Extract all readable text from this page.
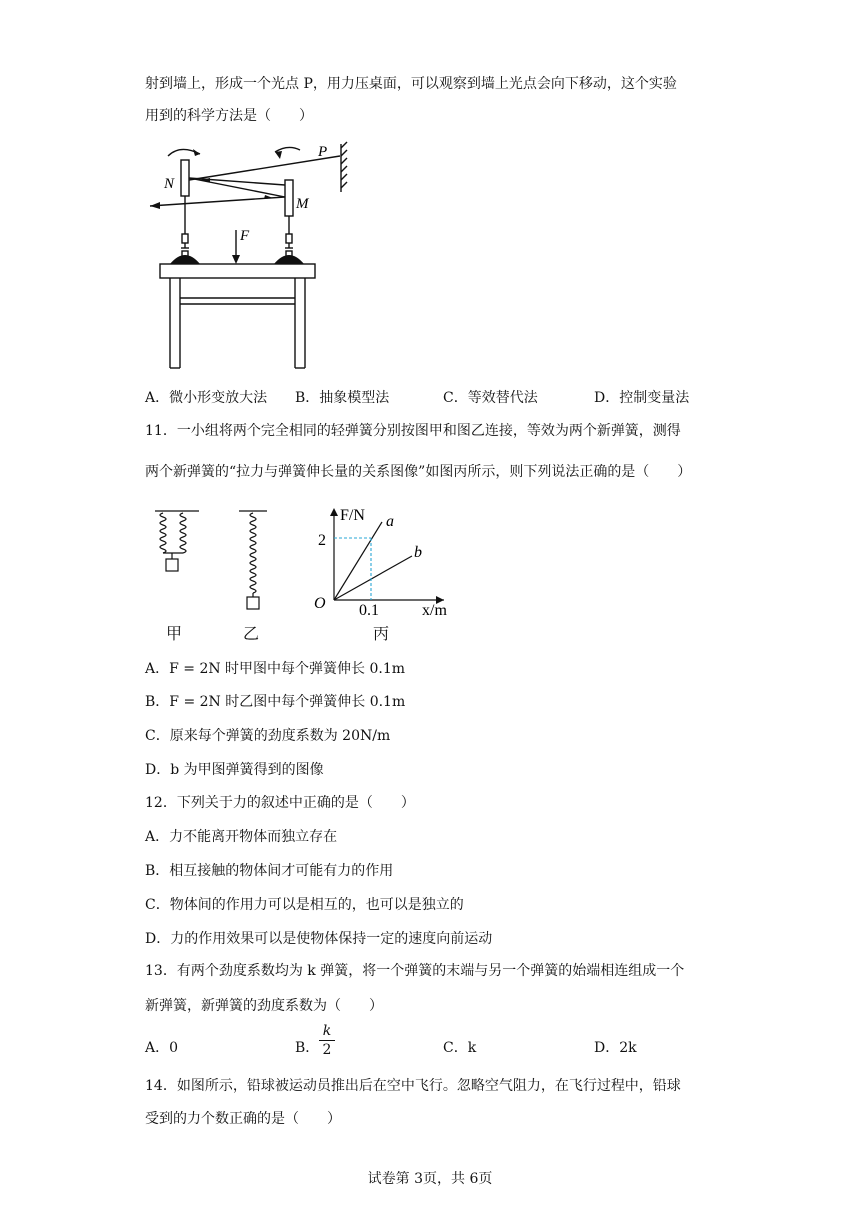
射到墙上，形成一个光点 P，用力压桌面，可以观察到墙上光点会向下移动，这个实验
用到的科学方法是（　　）
N
M
P
F
A．微小形变放大法 B．抽象模型法	C．等效替代法	D．控制变量法
11．一小组将两个完全相同的轻弹簧分别按图甲和图乙连接，等效为两个新弹簧，测得
两个新弹簧的“拉力与弹簧伸长量的关系图像”如图丙所示，则下列说法正确的是（　　）
甲	乙	丙
F/N
x/m
O
2
0.1
a
b
A．F = 2N 时甲图中每个弹簧伸长 0.1m
B．F = 2N 时乙图中每个弹簧伸长 0.1m
C．原来每个弹簧的劲度系数为 20N/m
D．b 为甲图弹簧得到的图像
12．下列关于力的叙述中正确的是（　　）
A．力不能离开物体而独立存在
B．相互接触的物体间才可能有力的作用
C．物体间的作用力可以是相互的，也可以是独立的
D．力的作用效果可以是使物体保持一定的速度向前运动
13．有两个劲度系数均为 k 弹簧，将一个弹簧的末端与另一个弹簧的始端相连组成一个
新弹簧，新弹簧的劲度系数为（　　）
A．0	B．
k
2	C．k	D．2k
14．如图所示，铅球被运动员推出后在空中飞行。忽略空气阻力，在飞行过程中，铅球
受到的力个数正确的是（　　）
试卷第 3页，共 6页
